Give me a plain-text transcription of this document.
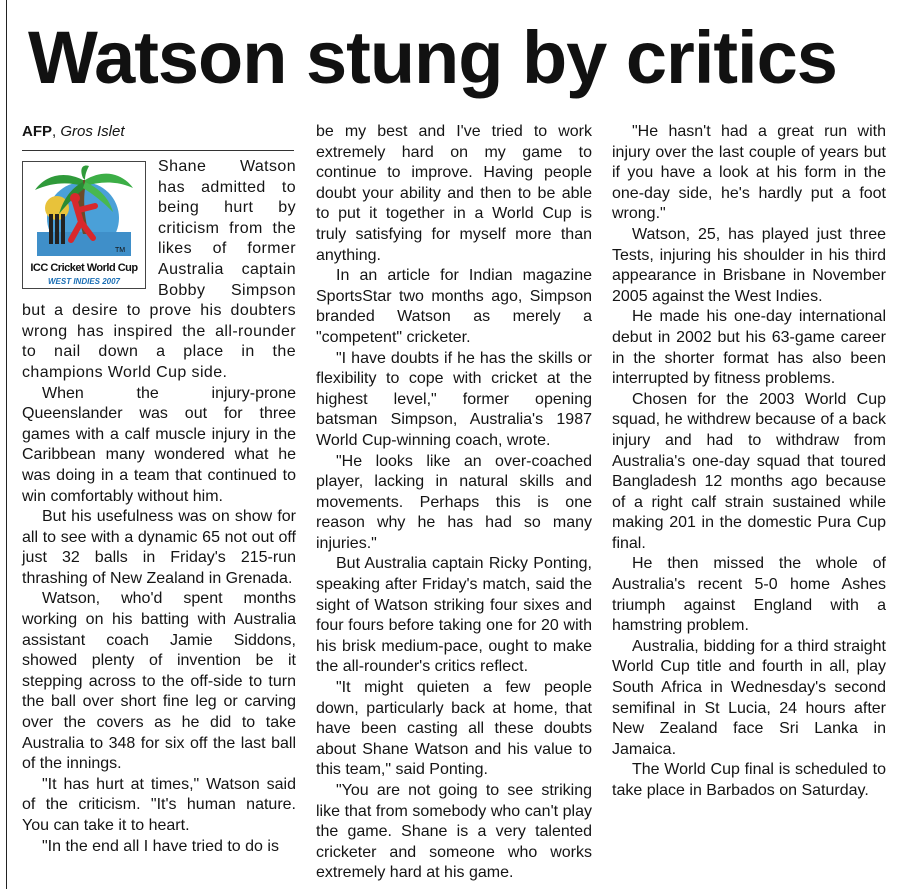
Watson stung by critics
AFP, Gros Islet
TM
ICC Cricket World Cup
WEST INDIES 2007

Shane Watson has admitted to being hurt by criticism from the likes of former Australia captain Bobby Simpson but a desire to prove his doubters wrong has inspired the all-rounder to nail down a place in the champions World Cup side.

When the injury-prone Queenslander was out for three games with a calf muscle injury in the Caribbean many wondered what he was doing in a team that continued to win comfortably without him.

But his usefulness was on show for all to see with a dynamic 65 not out off just 32 balls in Friday's 215-run thrashing of New Zealand in Grenada.

Watson, who'd spent months working on his batting with Australia assistant coach Jamie Siddons, showed plenty of invention be it stepping across to the off-side to turn the ball over short fine leg or carving over the covers as he did to take Australia to 348 for six off the last ball of the innings.

"It has hurt at times," Watson said of the criticism. "It's human nature. You can take it to heart.

"In the end all I have tried to do is

be my best and I've tried to work extremely hard on my game to continue to improve. Having people doubt your ability and then to be able to put it together in a World Cup is truly satisfying for myself more than anything.

In an article for Indian magazine SportsStar two months ago, Simpson branded Watson as merely a "competent" cricketer.

"I have doubts if he has the skills or flexibility to cope with cricket at the highest level," former opening batsman Simpson, Australia's 1987 World Cup-winning coach, wrote.

"He looks like an over-coached player, lacking in natural skills and movements. Perhaps this is one reason why he has had so many injuries."

But Australia captain Ricky Ponting, speaking after Friday's match, said the sight of Watson striking four sixes and four fours before taking one for 20 with his brisk medium-pace, ought to make the all-rounder's critics reflect.

"It might quieten a few people down, particularly back at home, that have been casting all these doubts about Shane Watson and his value to this team," said Ponting.

"You are not going to see striking like that from somebody who can't play the game. Shane is a very talented cricketer and someone who works extremely hard at his game.

"He hasn't had a great run with injury over the last couple of years but if you have a look at his form in the one-day side, he's hardly put a foot wrong."

Watson, 25, has played just three Tests, injuring his shoulder in his third appearance in Brisbane in November 2005 against the West Indies.

He made his one-day international debut in 2002 but his 63-game career in the shorter format has also been interrupted by fitness problems.

Chosen for the 2003 World Cup squad, he withdrew because of a back injury and had to withdraw from Australia's one-day squad that toured Bangladesh 12 months ago because of a right calf strain sustained while making 201 in the domestic Pura Cup final.

He then missed the whole of Australia's recent 5-0 home Ashes triumph against England with a hamstring problem.

Australia, bidding for a third straight World Cup title and fourth in all, play South Africa in Wednesday's second semifinal in St Lucia, 24 hours after New Zealand face Sri Lanka in Jamaica.

The World Cup final is scheduled to take place in Barbados on Saturday.
